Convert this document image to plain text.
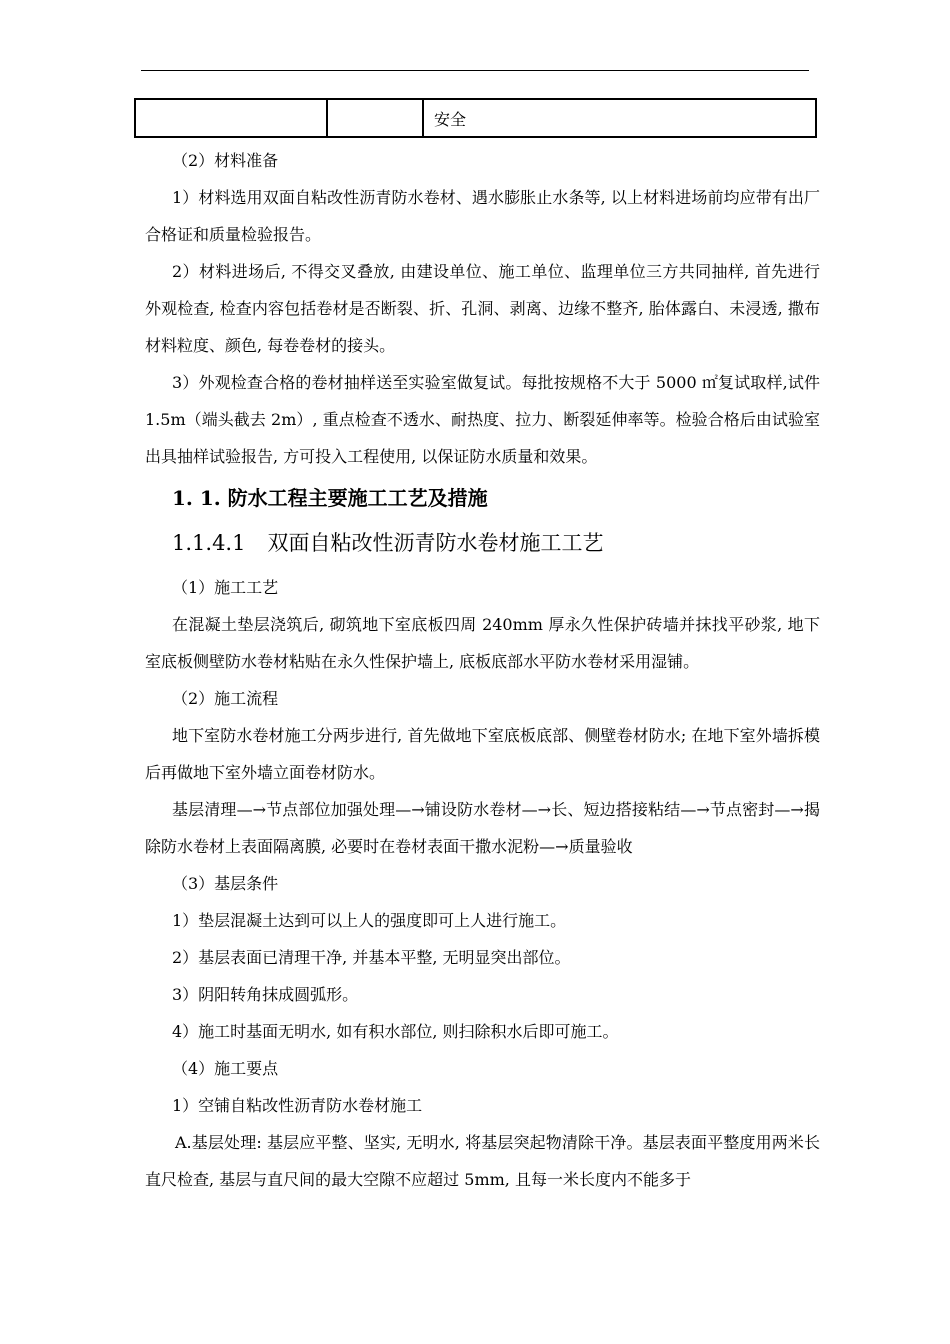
		安全

（2）材料准备

1）材料选用双面自粘改性沥青防水卷材、遇水膨胀止水条等, 以上材料进场前均应带有出厂合格证和质量检验报告。

2）材料进场后, 不得交叉叠放, 由建设单位、施工单位、监理单位三方共同抽样, 首先进行外观检查, 检查内容包括卷材是否断裂、折、孔洞、剥离、边缘不整齐, 胎体露白、未浸透, 撒布材料粒度、颜色, 每卷卷材的接头。

3）外观检查合格的卷材抽样送至实验室做复试。每批按规格不大于 5000 ㎡复试取样,试件 1.5m（端头截去 2m）, 重点检查不透水、耐热度、拉力、断裂延伸率等。检验合格后由试验室出具抽样试验报告, 方可投入工程使用, 以保证防水质量和效果。

1. 1. 防水工程主要施工工艺及措施
1.1.4.1 双面自粘改性沥青防水卷材施工工艺

（1）施工工艺

在混凝土垫层浇筑后, 砌筑地下室底板四周 240mm 厚永久性保护砖墙并抹找平砂浆, 地下室底板侧壁防水卷材粘贴在永久性保护墙上, 底板底部水平防水卷材采用湿铺。

（2）施工流程

地下室防水卷材施工分两步进行, 首先做地下室底板底部、侧壁卷材防水; 在地下室外墙拆模后再做地下室外墙立面卷材防水。

基层清理—→节点部位加强处理—→铺设防水卷材—→长、短边搭接粘结—→节点密封—→揭除防水卷材上表面隔离膜, 必要时在卷材表面干撒水泥粉—→质量验收

（3）基层条件

1）垫层混凝土达到可以上人的强度即可上人进行施工。

2）基层表面已清理干净, 并基本平整, 无明显突出部位。

3）阴阳转角抹成圆弧形。

4）施工时基面无明水, 如有积水部位, 则扫除积水后即可施工。

（4）施工要点

1）空铺自粘改性沥青防水卷材施工

A.基层处理: 基层应平整、坚实, 无明水, 将基层突起物清除干净。基层表面平整度用两米长直尺检查, 基层与直尺间的最大空隙不应超过 5mm, 且每一米长度内不能多于
